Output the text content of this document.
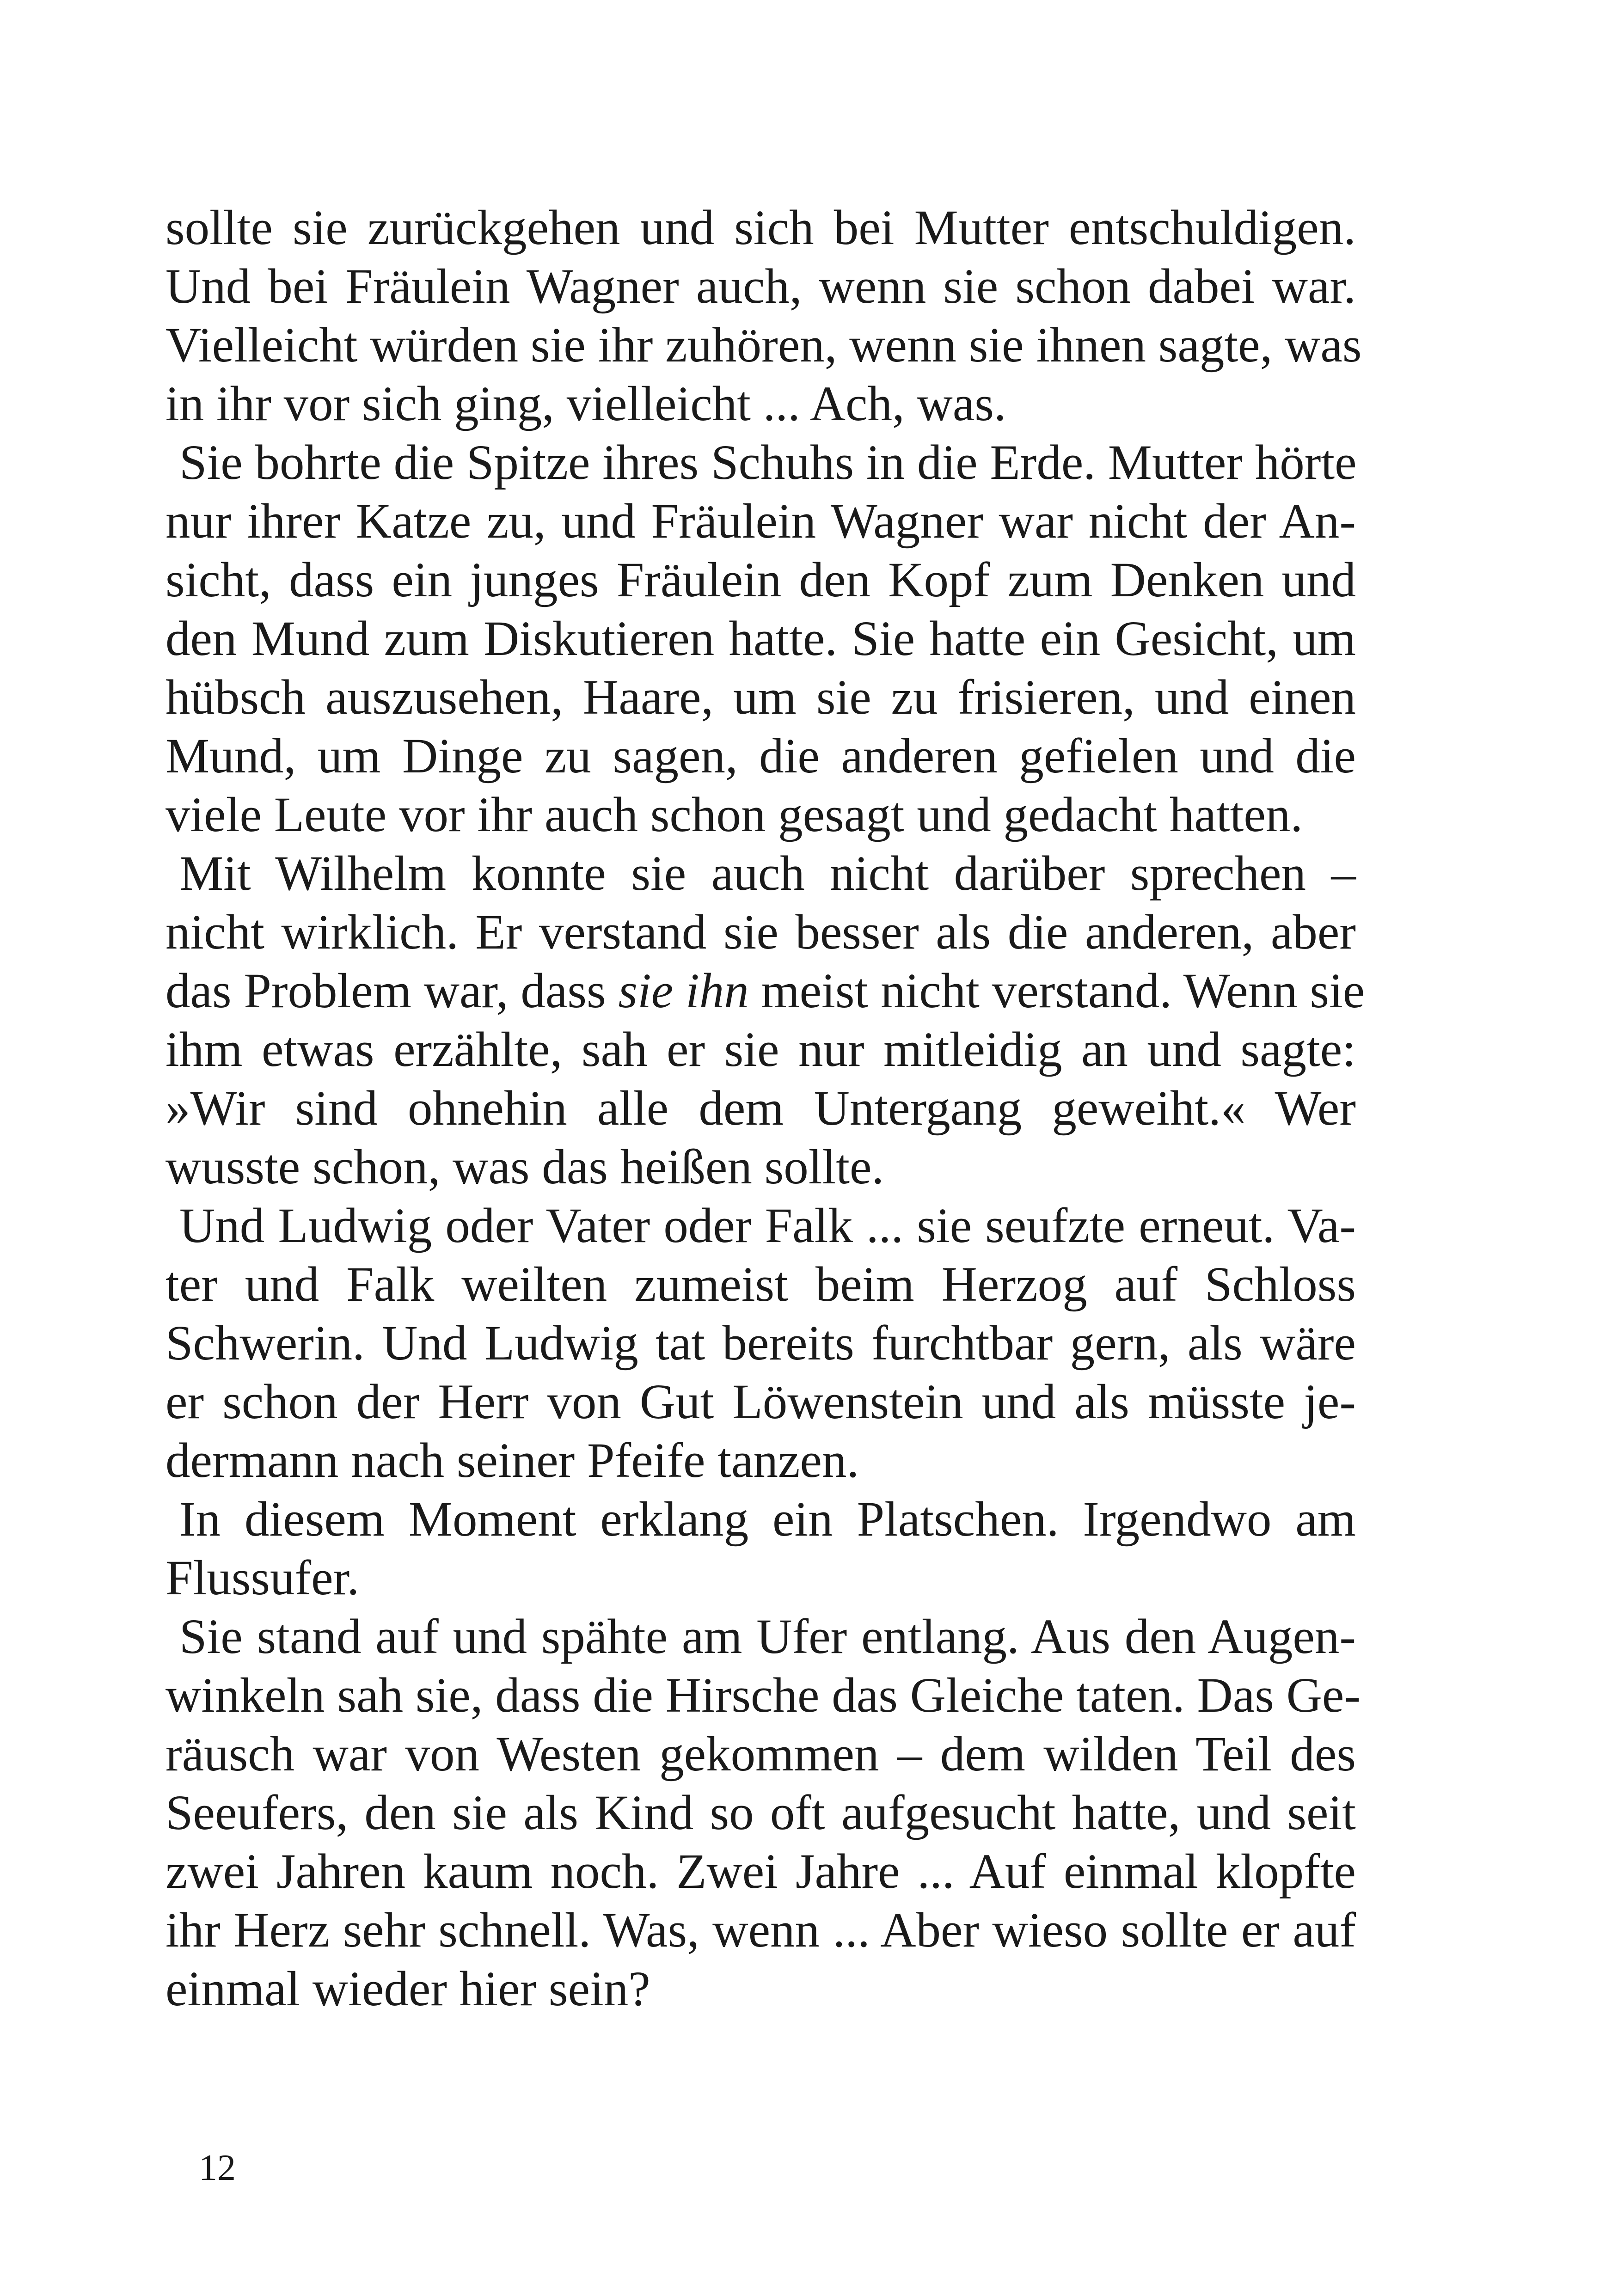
sollte sie zurückgehen und sich bei Mutter entschuldigen.

Und bei Fräulein Wagner auch, wenn sie schon dabei war.

Vielleicht würden sie ihr zuhören, wenn sie ihnen sagte, was

in ihr vor sich ging, vielleicht ... Ach, was.

Sie bohrte die Spitze ihres Schuhs in die Erde. Mutter hörte

nur ihrer Katze zu, und Fräulein Wagner war nicht der An-

sicht, dass ein junges Fräulein den Kopf zum Denken und

den Mund zum Diskutieren hatte. Sie hatte ein Gesicht, um

hübsch auszusehen, Haare, um sie zu frisieren, und einen

Mund, um Dinge zu sagen, die anderen gefielen und die

viele Leute vor ihr auch schon gesagt und gedacht hatten.

Mit Wilhelm konnte sie auch nicht darüber sprechen –

nicht wirklich. Er verstand sie besser als die anderen, aber

das Problem war, dass sie ihn meist nicht verstand. Wenn sie

ihm etwas erzählte, sah er sie nur mitleidig an und sagte:

»Wir sind ohnehin alle dem Untergang geweiht.« Wer

wusste schon, was das heißen sollte.

Und Ludwig oder Vater oder Falk ... sie seufzte erneut. Va-

ter und Falk weilten zumeist beim Herzog auf Schloss

Schwerin. Und Ludwig tat bereits furchtbar gern, als wäre

er schon der Herr von Gut Löwenstein und als müsste je-

dermann nach seiner Pfeife tanzen.

In diesem Moment erklang ein Platschen. Irgendwo am

Flussufer.

Sie stand auf und spähte am Ufer entlang. Aus den Augen-

winkeln sah sie, dass die Hirsche das Gleiche taten. Das Ge-

räusch war von Westen gekommen – dem wilden Teil des

Seeufers, den sie als Kind so oft aufgesucht hatte, und seit

zwei Jahren kaum noch. Zwei Jahre ... Auf einmal klopfte

ihr Herz sehr schnell. Was, wenn ... Aber wieso sollte er auf

einmal wieder hier sein?

12
